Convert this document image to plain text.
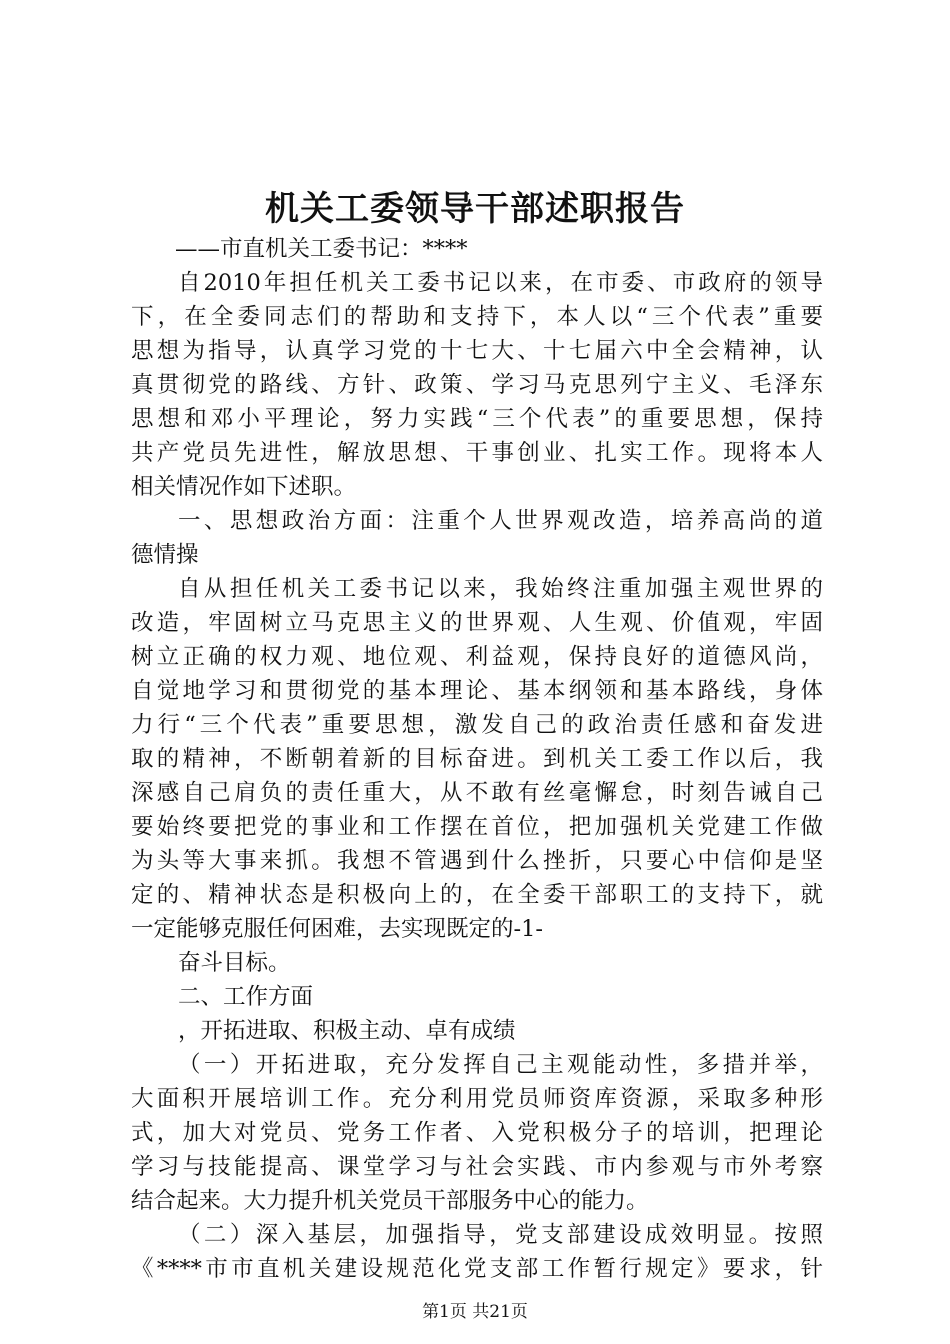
机关工委领导干部述职报告
——市直机关工委书记：****
自2010年担任机关工委书记以来，在市委、市政府的领导
下，在全委同志们的帮助和支持下，本人以“三个代表”重要
思想为指导，认真学习党的十七大、十七届六中全会精神，认
真贯彻党的路线、方针、政策、学习马克思列宁主义、毛泽东
思想和邓小平理论，努力实践“三个代表”的重要思想，保持
共产党员先进性，解放思想、干事创业、扎实工作。现将本人
相关情况作如下述职。
一、思想政治方面：注重个人世界观改造，培养高尚的道
德情操
自从担任机关工委书记以来，我始终注重加强主观世界的
改造，牢固树立马克思主义的世界观、人生观、价值观，牢固
树立正确的权力观、地位观、利益观，保持良好的道德风尚，
自觉地学习和贯彻党的基本理论、基本纲领和基本路线，身体
力行“三个代表”重要思想，激发自己的政治责任感和奋发进
取的精神，不断朝着新的目标奋进。到机关工委工作以后，我
深感自己肩负的责任重大，从不敢有丝毫懈怠，时刻告诫自己
要始终要把党的事业和工作摆在首位，把加强机关党建工作做
为头等大事来抓。我想不管遇到什么挫折，只要心中信仰是坚
定的、精神状态是积极向上的，在全委干部职工的支持下，就
一定能够克服任何困难，去实现既定的-1-
奋斗目标。
二、工作方面
，开拓进取、积极主动、卓有成绩
（一）开拓进取，充分发挥自己主观能动性，多措并举，
大面积开展培训工作。充分利用党员师资库资源，采取多种形
式，加大对党员、党务工作者、入党积极分子的培训，把理论
学习与技能提高、课堂学习与社会实践、市内参观与市外考察
结合起来。大力提升机关党员干部服务中心的能力。
（二）深入基层，加强指导，党支部建设成效明显。按照
《****市市直机关建设规范化党支部工作暂行规定》要求，针
第1页 共21页
